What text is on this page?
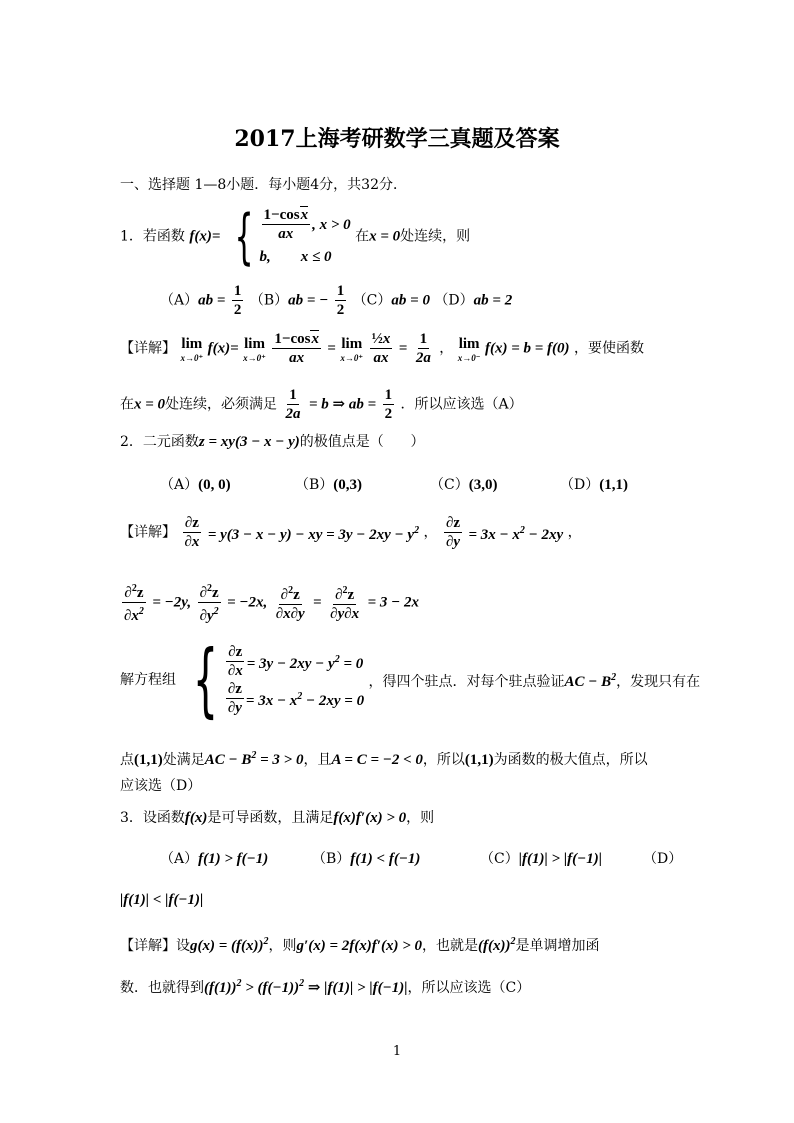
2017上海考研数学三真题及答案
一、选择题 1—8小题．每小题4分，共32分．
1．若函数 f(x)= { $\frac{1-\cos x}{ax}$ , x > 0
b,        x ≤ 0
在x = 0处连续，则
$(A)ab = \frac{1}{2} (B)ab$ = − $\frac{1}{2} (C)ab = 0$ （D）ab = 2
【详解】 lim
x→0⁺
f(x)= lim
x→0⁺
$\frac{1-\cos x}{ax} = \lim$
x→0⁺
$\frac{\text{½x}}{ax} = \frac{1}{2a}$ ， lim
x→0⁻
f(x) = b = f(0) ，要使函数
在x = 0处连续，必须满足 $\frac{1}{2a} = b$ ⇒ ab = $\frac{1}{2}$ ．所以应该选（A）
2．二元函数z = xy(3 − x − y)的极值点是（      ）
（A）(0, 0)	（B）(0,3)	（C）(3,0)	（D）(1,1)
【详解】 $\frac{\partial z}{\partial x} = y(3 - x - y)$ − xy = $3y - 2xy - y^2$ ， $\frac{\partial z}{\partial y} = 3x - x^2 - 2xy$ ，
$\frac{\partial^2z}{\partial x^2} = -2y$, $\frac{\partial^2z}{\partial y^2} = -2x$, $\frac{\partial^2z}{\partial x\partial y} = \frac{\partial^2z}{\partial y\partial x} = 3 - 2x$
解方程组 { $\frac{\partial z}{\partial x} = 3y - 2xy - y^2 = 0$
$\frac{\partial z}{\partial y} = 3x - x^2 - 2xy = 0$
，得四个驻点．对每个驻点验证AC − $B^2$，发现只有在
点(1,1)处满足AC − $B^2 = 3 > 0$，且A = C = −2 < 0，所以(1,1)为函数的极大值点，所以
应该选（D）
3．设函数f(x)是可导函数，且满足f(x)f′(x) > 0，则
（A）f(1) > f(−1)	（B）f(1) < f(−1)	（C）|f(1)| > |f(−1)|	（D）
|f(1)| < |f(−1)|
【详解】设$g(x) = (f(x))^2$，则g′(x) = 2f(x)f′(x) > 0，也就是$(f(x))^2$是单调增加函
数．也就得到$(f(1))^2 > (f(-1))^2$ ⇒ |f(1)| > |f(−1)|，所以应该选（C）
1
